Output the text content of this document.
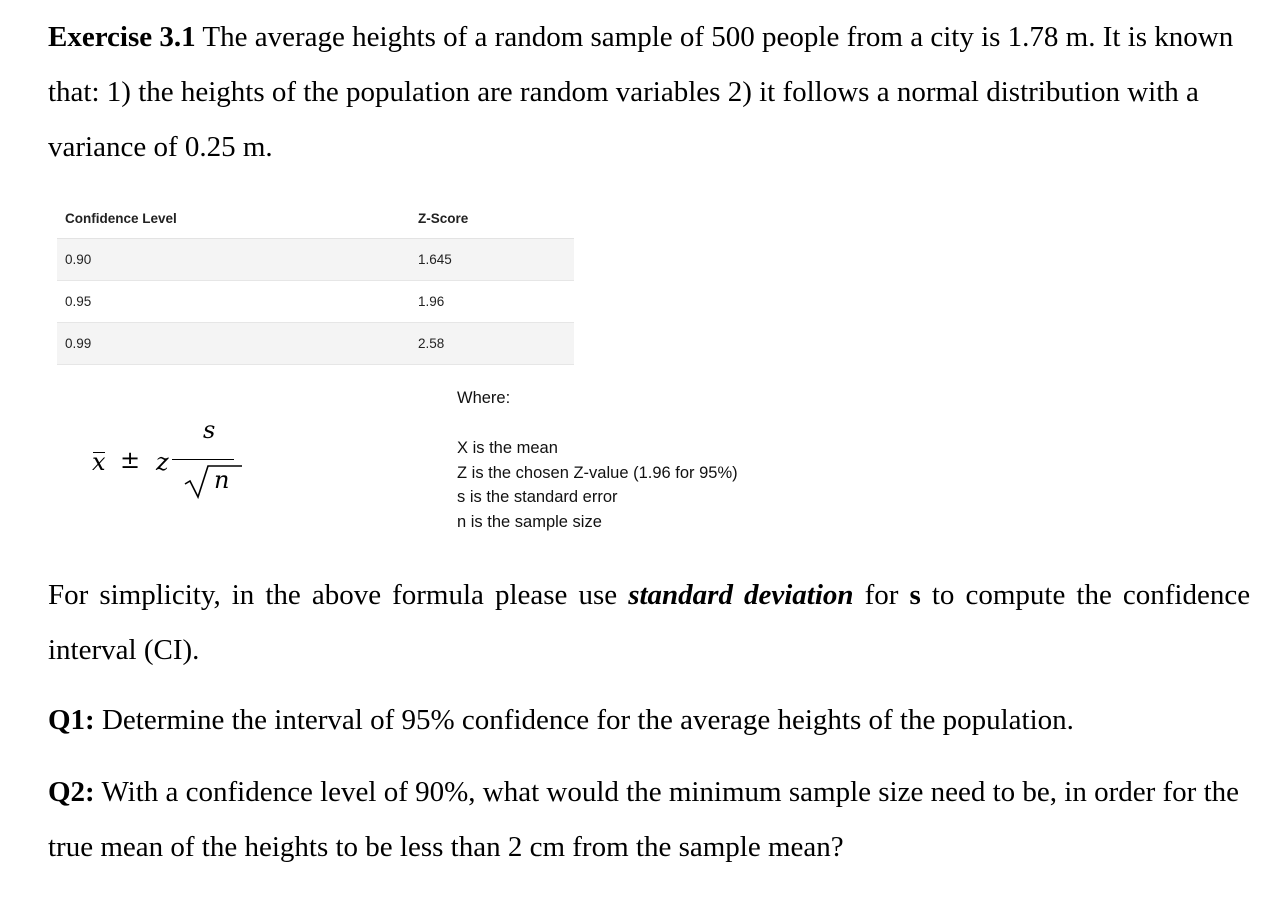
Exercise 3.1 The average heights of a random sample of 500 people from a city is 1.78 m. It is known that: 1) the heights of the population are random variables 2) it follows a normal distribution with a variance of 0.25 m.

Confidence Level	Z-Score
0.90	1.645
0.95	1.96
0.99	2.58
x ± z
s
n

Where:

X is the mean

Z is the chosen Z-value (1.96 for 95%)

s is the standard error

n is the sample size

For simplicity, in the above formula please use standard deviation for s to compute the confidence interval (CI).

Q1: Determine the interval of 95% confidence for the average heights of the population.

Q2: With a confidence level of 90%, what would the minimum sample size need to be, in order for the true mean of the heights to be less than 2 cm from the sample mean?
